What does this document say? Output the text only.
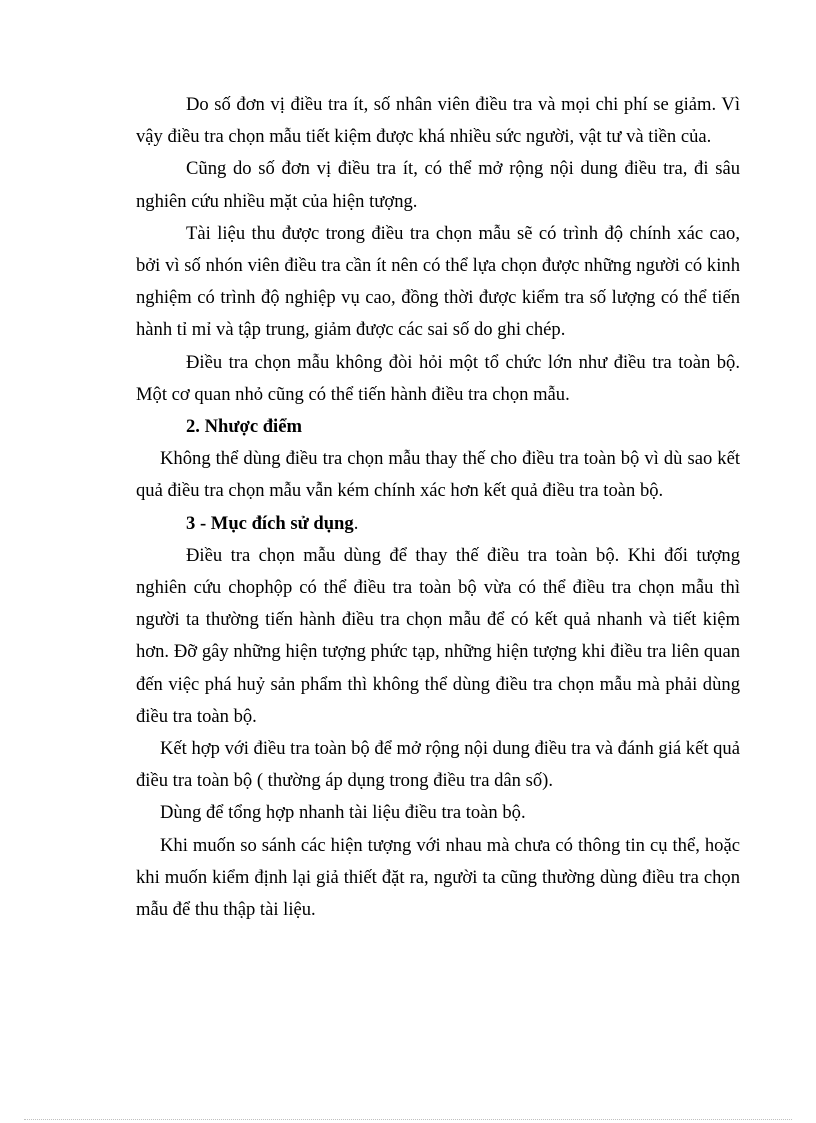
Do số đơn vị điều tra ít, số nhân viên điều tra và mọi chi phí se giảm. Vì vậy điều tra chọn mẫu tiết kiệm được khá nhiều sức người, vật tư và tiền của.

Cũng do số đơn vị điều tra ít, có thể mở rộng nội dung điều tra, đi sâu nghiên cứu nhiều mặt của hiện tượng.

Tài liệu thu được trong điều tra chọn mẫu sẽ có trình độ chính xác cao, bởi vì số nhón viên điều tra cần ít nên có thể lựa chọn được những người có kinh nghiệm có trình độ nghiệp vụ cao, đồng thời được kiểm tra số lượng có thể tiến hành tỉ mỉ và tập trung, giảm được các sai số do ghi chép.

Điều tra chọn mẫu không đòi hỏi một tổ chức lớn như điều tra toàn bộ. Một cơ quan nhỏ cũng có thể tiến hành điều tra chọn mẫu.

2. Nhược điểm

Không thể dùng điều tra chọn mẫu thay thế cho điều tra toàn bộ vì dù sao kết quả điều tra chọn mẫu vẫn kém chính xác hơn kết quả điều tra toàn bộ.

3 - Mục đích sử dụng.

Điều tra chọn mẫu dùng để thay thế điều tra toàn bộ. Khi đối tượng nghiên cứu chophộp có thể điều tra toàn bộ vừa có thể điều tra chọn mẫu thì người ta thường tiến hành điều tra chọn mẫu để có kết quả nhanh và tiết kiệm hơn. Đỡ gây những hiện tượng phức tạp, những hiện tượng khi điều tra liên quan đến việc phá huỷ sản phẩm thì không thể dùng điều tra chọn mẫu mà phải dùng điều tra toàn bộ.

Kết hợp với điều tra toàn bộ để mở rộng nội dung điều tra và đánh giá kết quả điều tra toàn bộ ( thường áp dụng trong điều tra dân số).

Dùng để tổng hợp nhanh tài liệu điều tra toàn bộ.

Khi muốn so sánh các hiện tượng với nhau mà chưa có thông tin cụ thể, hoặc khi muốn kiểm định lại giả thiết đặt ra, người ta cũng thường dùng điều tra chọn mẫu để thu thập tài liệu.
